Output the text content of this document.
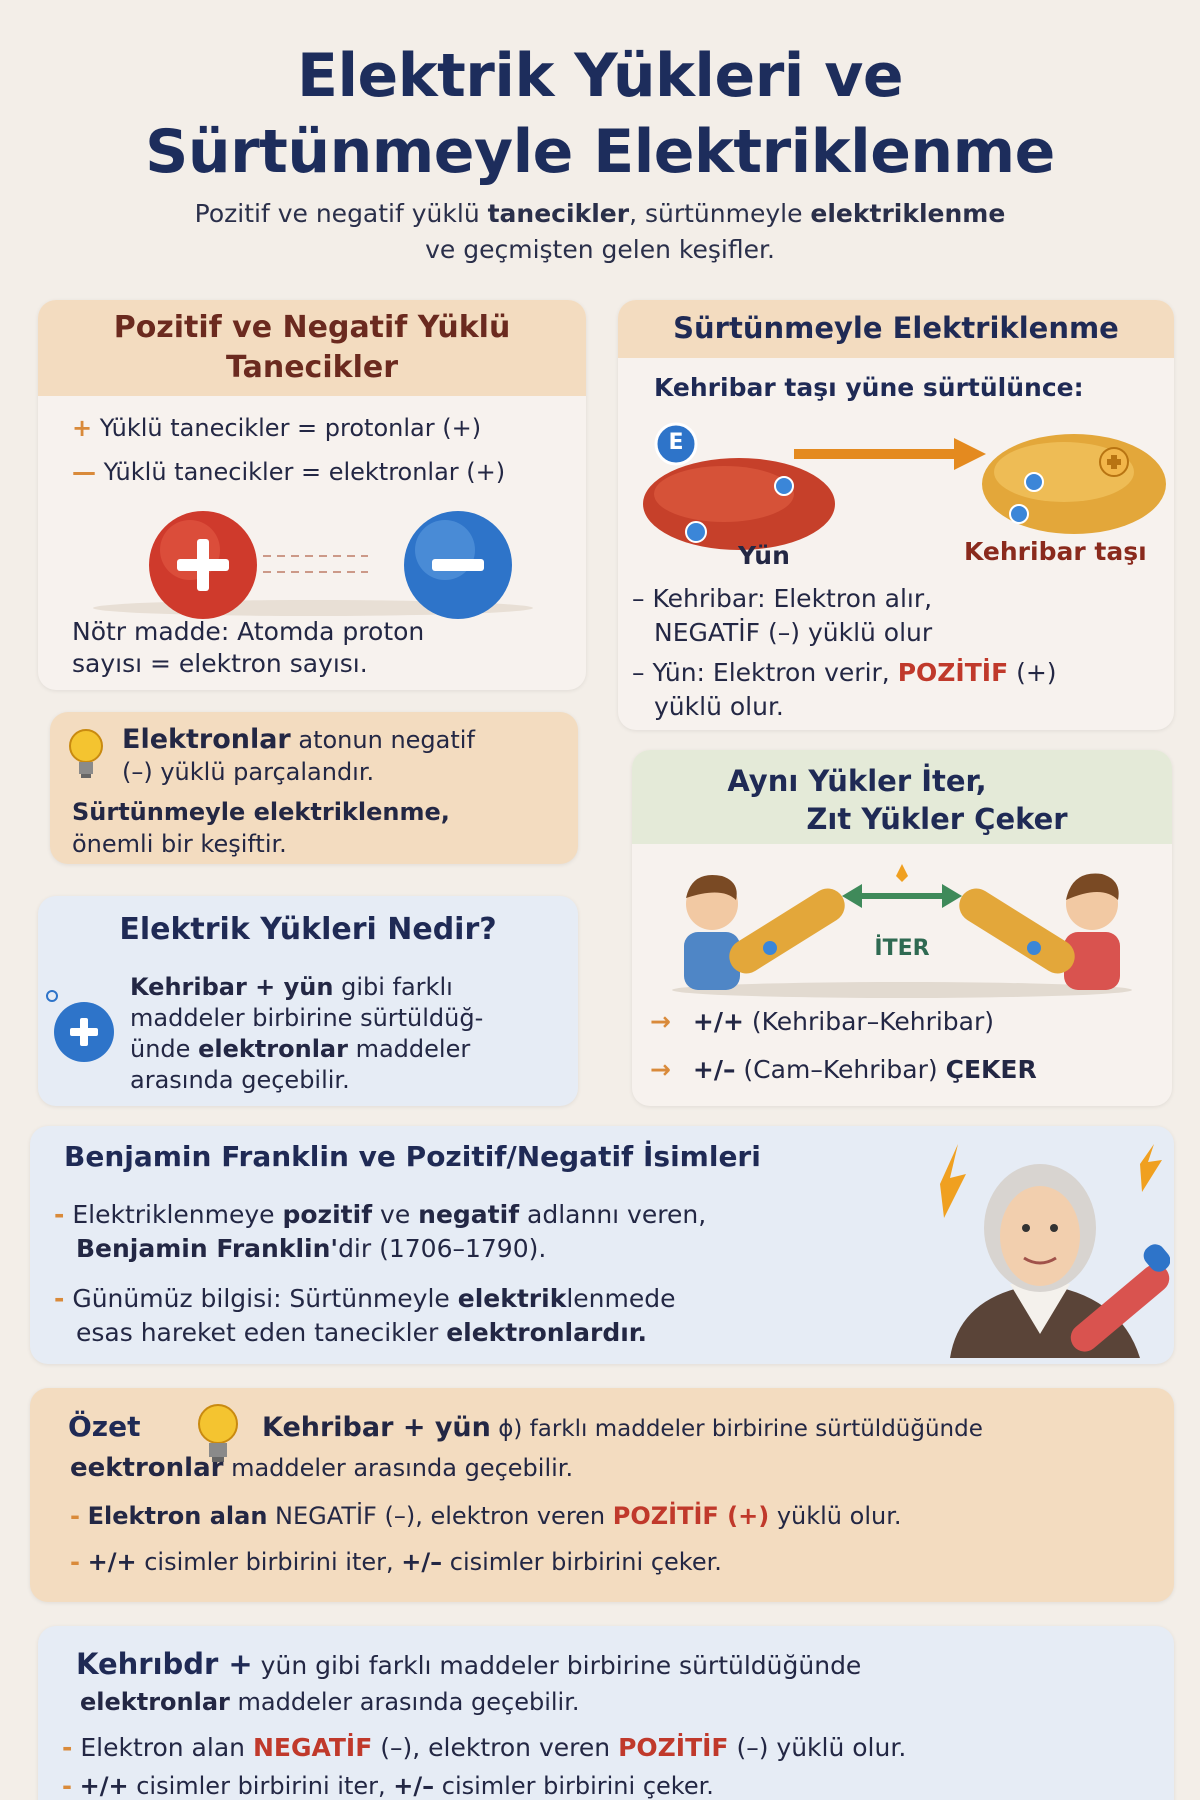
Elektrik Yükleri ve
Sürtünmeyle Elektriklenme
Pozitif ve negatif yüklü tanecikler, sürtünmeyle elektriklenme
ve geçmişten gelen keşifler.
Pozitif ve Negatif Yüklü
Tanecikler
+ Yüklü tanecikler = protonlar (+)
— Yüklü tanecikler = elektronlar (+)
Nötr madde: Atomda proton
sayısı = elektron sayısı.
Elektronlar atonun negatif
(–) yüklü parçalandır.
Sürtünmeyle elektriklenme,
önemli bir keşiftir.
Elektrik Yükleri Nedir?
Kehribar + yün gibi farklı
maddeler birbirine sürtüldüğ-
ünde elektronlar maddeler
arasında geçebilir.
Sürtünmeyle Elektriklenme
Kehribar taşı yüne sürtülünce:
E
Yün	Kehribar taşı
– Kehribar: Elektron alır,
NEGATİF (–) yüklü olur
– Yün: Elektron verir, POZİTİF (+)
yüklü olur.
Aynı Yükler İter,
Zıt Yükler Çeker
İTER
→ +/+ (Kehribar–Kehribar)
→ +/– (Cam–Kehribar) ÇEKER
Benjamin Franklin ve Pozitif/Negatif İsimleri
- Elektriklenmeye pozitif ve negatif adlannı veren,
Benjamin Franklin'dir (1706–1790).
- Günümüz bilgisi: Sürtünmeyle elektriklenmede
esas hareket eden tanecikler elektronlardır.
Özet	Kehribar + yün ɸ) farklı maddeler birbirine sürtüldüğünde
eektronlar maddeler arasında geçebilir.
- Elektron alan NEGATİF (–), elektron veren POZİTİF (+) yüklü olur.
- +/+ cisimler birbirini iter, +/– cisimler birbirini çeker.
Kehrıbdr + yün gibi farklı maddeler birbirine sürtüldüğünde
elektronlar maddeler arasında geçebilir.
- Elektron alan NEGATİF (–), elektron veren POZİTİF (–) yüklü olur.
- +/+ cisimler birbirini iter, +/– cisimler birbirini çeker.
